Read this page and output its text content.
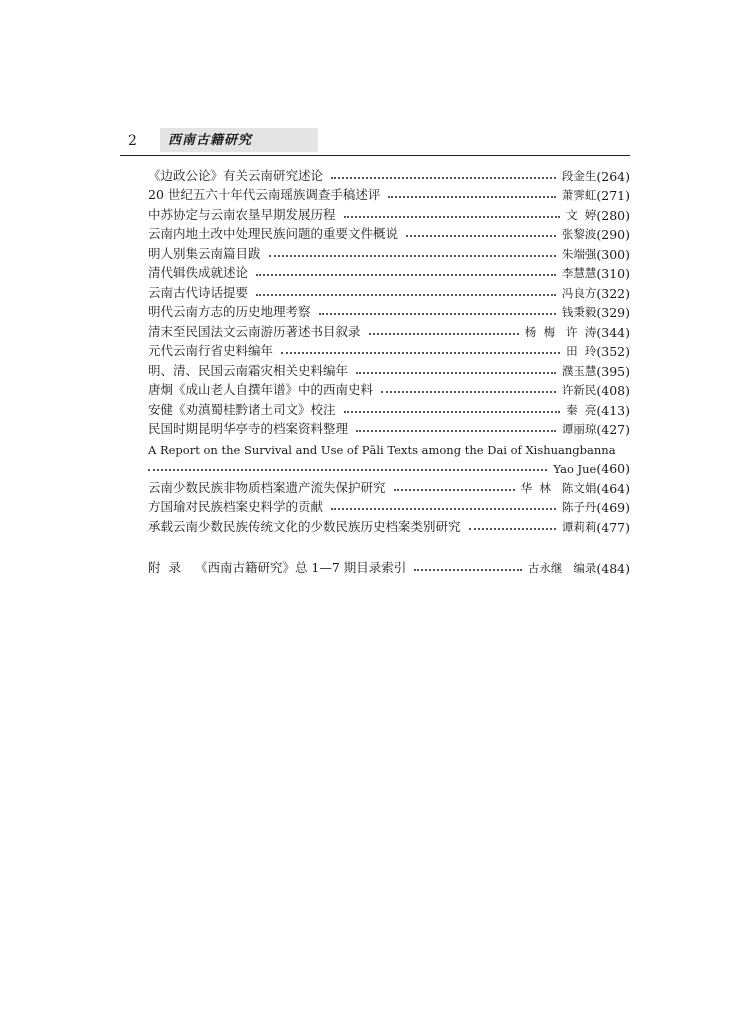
2	西南古籍研究
《边政公论》有关云南研究述论	段金生 (264)
20 世纪五六十年代云南瑶族调查手稿述评	萧霁虹 (271)
中苏协定与云南农垦早期发展历程	文  婷 (280)
云南内地土改中处理民族问题的重要文件概说	张黎波 (290)
明人别集云南篇目跋	朱端强 (300)
清代辑佚成就述论	李慧慧 (310)
云南古代诗话提要	冯良方 (322)
明代云南方志的历史地理考察	钱秉毅 (329)
清末至民国法文云南游历著述书目叙录	杨  梅   许  涛 (344)
元代云南行省史料编年	田  玲 (352)
明、清、民国云南霜灾相关史料编年	濮玉慧 (395)
唐炯《成山老人自撰年谱》中的西南史料	许新民 (408)
安健《劝滇蜀桂黔诸土司文》校注	秦  亮 (413)
民国时期昆明华亭寺的档案资料整理	谭丽琼 (427)
A Report on the Survival and Use of Pāli Texts among the Dai of Xishuangbanna
Yao Jue (460)
云南少数民族非物质档案遗产流失保护研究	华  林   陈文娟 (464)
方国瑜对民族档案史料学的贡献	陈子丹 (469)
承载云南少数民族传统文化的少数民族历史档案类别研究	谭莉莉 (477)
附  录 《西南古籍研究》总 1—7 期目录索引	古永继   编录 (484)
